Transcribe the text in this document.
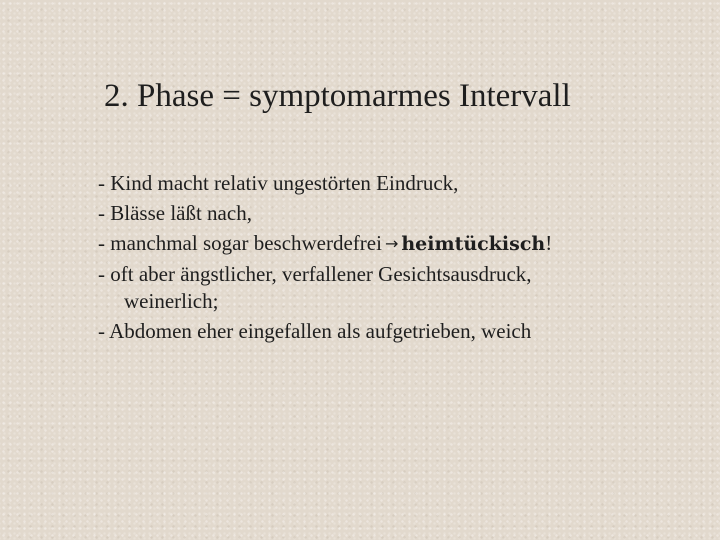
2. Phase = symptomarmes Intervall
- Kind macht relativ ungestörten Eindruck,
- Blässe läßt nach,
- manchmal sogar beschwerdefrei → heimtückisch!
- oft aber ängstlicher, verfallener Gesichtsausdruck,
weinerlich;
- Abdomen eher eingefallen als aufgetrieben, weich
